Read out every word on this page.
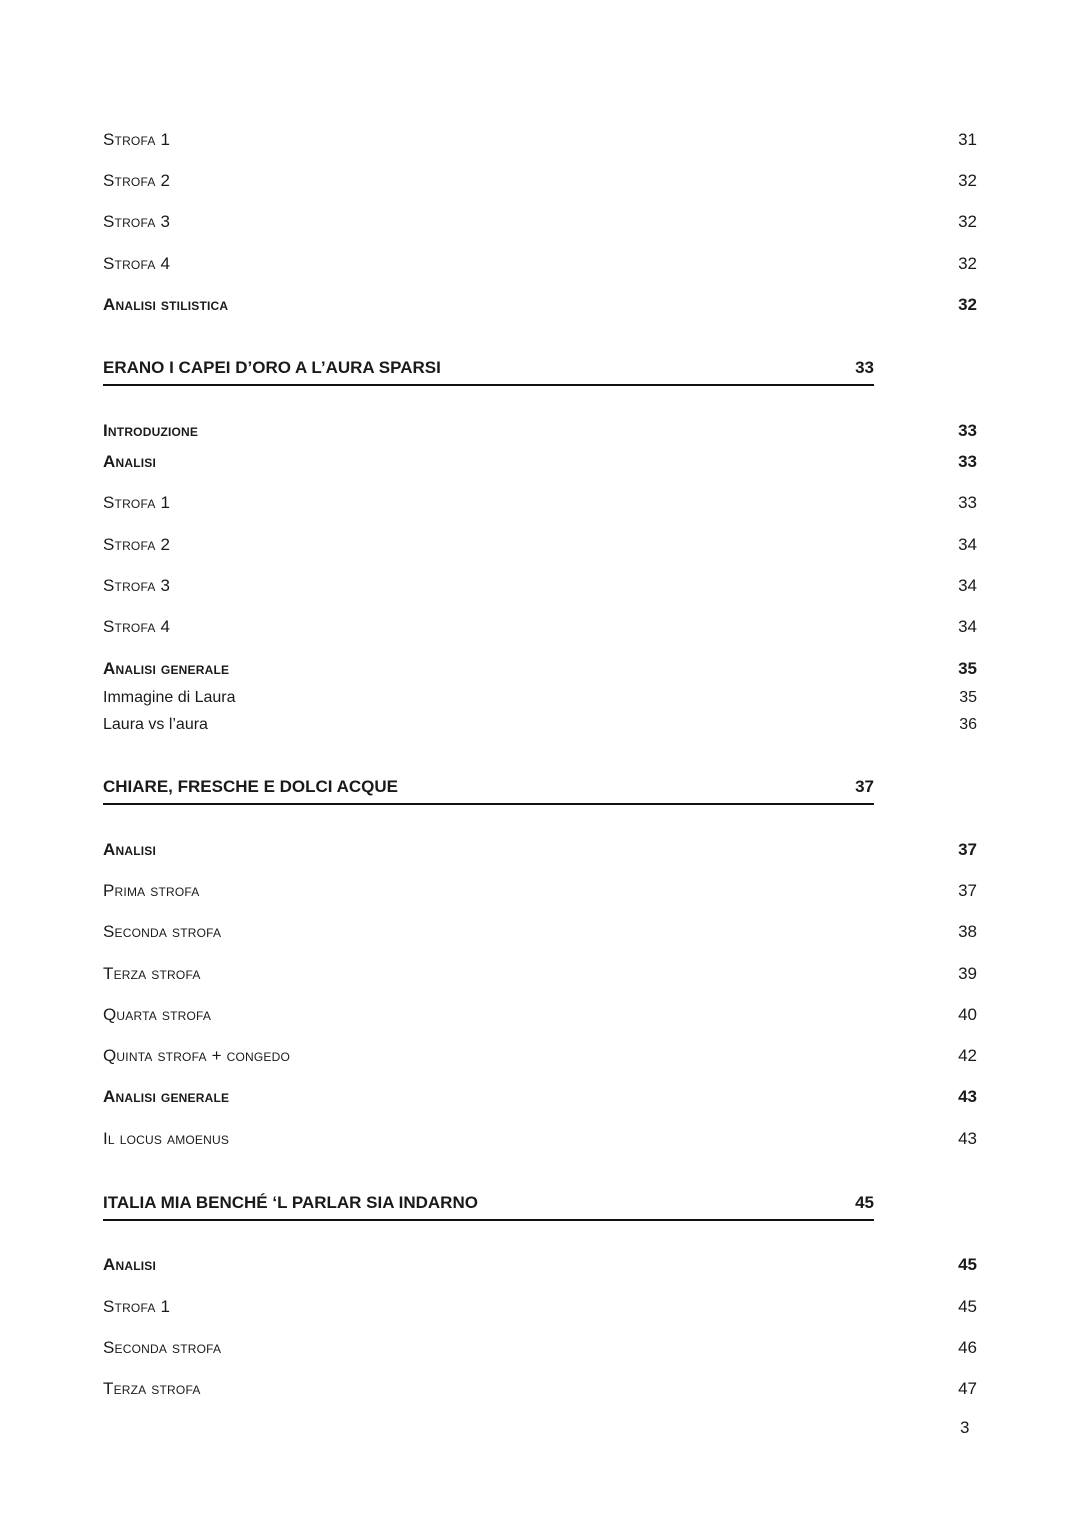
Strofa 1	31
Strofa 2	32
Strofa 3	32
Strofa 4	32
Analisi stilistica	32
ERANO I CAPEI D’ORO A L’AURA SPARSI	33
Introduzione	33
Analisi	33
Strofa 1	33
Strofa 2	34
Strofa 3	34
Strofa 4	34
Analisi generale	35
Immagine di Laura	35
Laura vs l’aura	36
CHIARE, FRESCHE E DOLCI ACQUE	37
Analisi	37
Prima strofa	37
Seconda strofa	38
Terza strofa	39
Quarta strofa	40
Quinta strofa + congedo	42
Analisi generale	43
Il locus amoenus	43
ITALIA MIA BENCHÉ ‘L PARLAR SIA INDARNO	45
Analisi	45
Strofa 1	45
Seconda strofa	46
Terza strofa	47
3
